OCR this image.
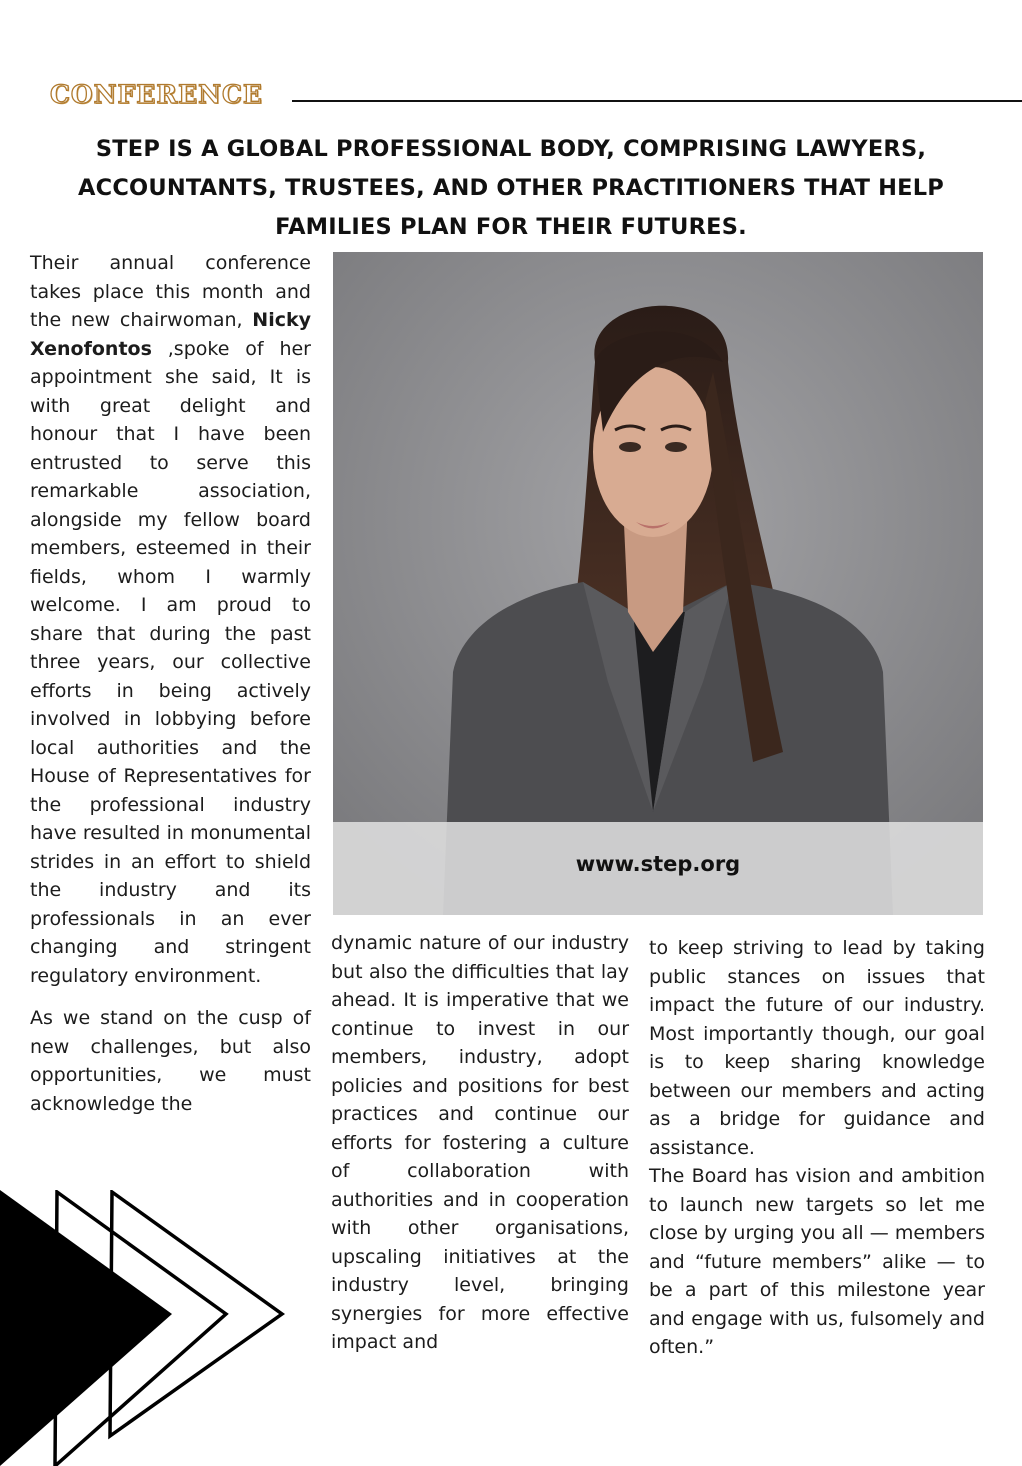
CONFERENCE
STEP IS A GLOBAL PROFESSIONAL BODY, COMPRISING LAWYERS, ACCOUNTANTS, TRUSTEES, AND OTHER PRACTITIONERS THAT HELP FAMILIES PLAN FOR THEIR FUTURES.

Their annual conference takes place this month and the new chairwoman, Nicky Xenofontos ,spoke of her appointment she said, It is with great delight and honour that I have been entrusted to serve this remarkable association, alongside my fellow board members, esteemed in their fields, whom I warmly welcome. I am proud to share that during the past three years, our collective efforts in being actively involved in lobbying before local authorities and the House of Representatives for the professional industry have resulted in monumental strides in an effort to shield the industry and its professionals in an ever changing and stringent regulatory environment.

As we stand on the cusp of new challenges, but also opportunities, we must acknowledge the

www.step.org

dynamic nature of our industry but also the difficulties that lay ahead. It is imperative that we continue to invest in our members, industry, adopt policies and positions for best practices and continue our efforts for fostering a culture of collaboration with authorities and in cooperation with other organisations, upscaling initiatives at the industry level, bringing synergies for more effective impact and

to keep striving to lead by taking public stances on issues that impact the future of our industry. Most importantly though, our goal is to keep sharing knowledge between our members and acting as a bridge for guidance and assistance.

The Board has vision and ambition to launch new targets so let me close by urging you all — members and “future members” alike — to be a part of this milestone year and engage with us, fulsomely and often.”
